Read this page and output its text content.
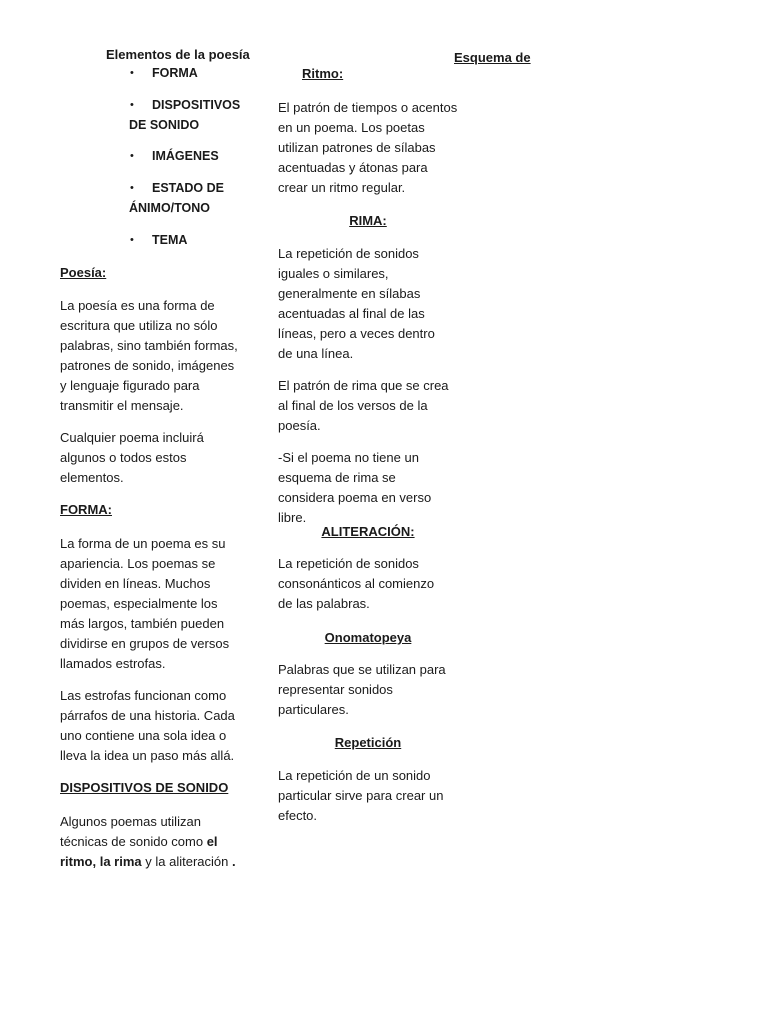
Elementos de la poesía	Esquema de
• FORMA
• DISPOSITIVOS
DE SONIDO
• IMÁGENES
• ESTADO DE
ÁNIMO/TONO
• TEMA

Poesía:

La poesía es una forma de escritura que utiliza no sólo palabras, sino también formas, patrones de sonido, imágenes y lenguaje figurado para transmitir el mensaje.

Cualquier poema incluirá algunos o todos estos elementos.

FORMA:

La forma de un poema es su apariencia. Los poemas se dividen en líneas. Muchos poemas, especialmente los más largos, también pueden dividirse en grupos de versos llamados estrofas.

Las estrofas funcionan como párrafos de una historia. Cada uno contiene una sola idea o lleva la idea un paso más allá.

DISPOSITIVOS DE SONIDO

Algunos poemas utilizan técnicas de sonido como el ritmo, la rima y la aliteración .

Ritmo:

El patrón de tiempos o acentos en un poema. Los poetas utilizan patrones de sílabas acentuadas y átonas para crear un ritmo regular.

RIMA:

La repetición de sonidos iguales o similares, generalmente en sílabas acentuadas al final de las líneas, pero a veces dentro de una línea.

El patrón de rima que se crea al final de los versos de la poesía.

-Si el poema no tiene un esquema de rima se considera poema en verso libre.

ALITERACIÓN:

La repetición de sonidos consonánticos al comienzo de las palabras.

Onomatopeya

Palabras que se utilizan para representar sonidos particulares.

Repetición

La repetición de un sonido particular sirve para crear un efecto.
